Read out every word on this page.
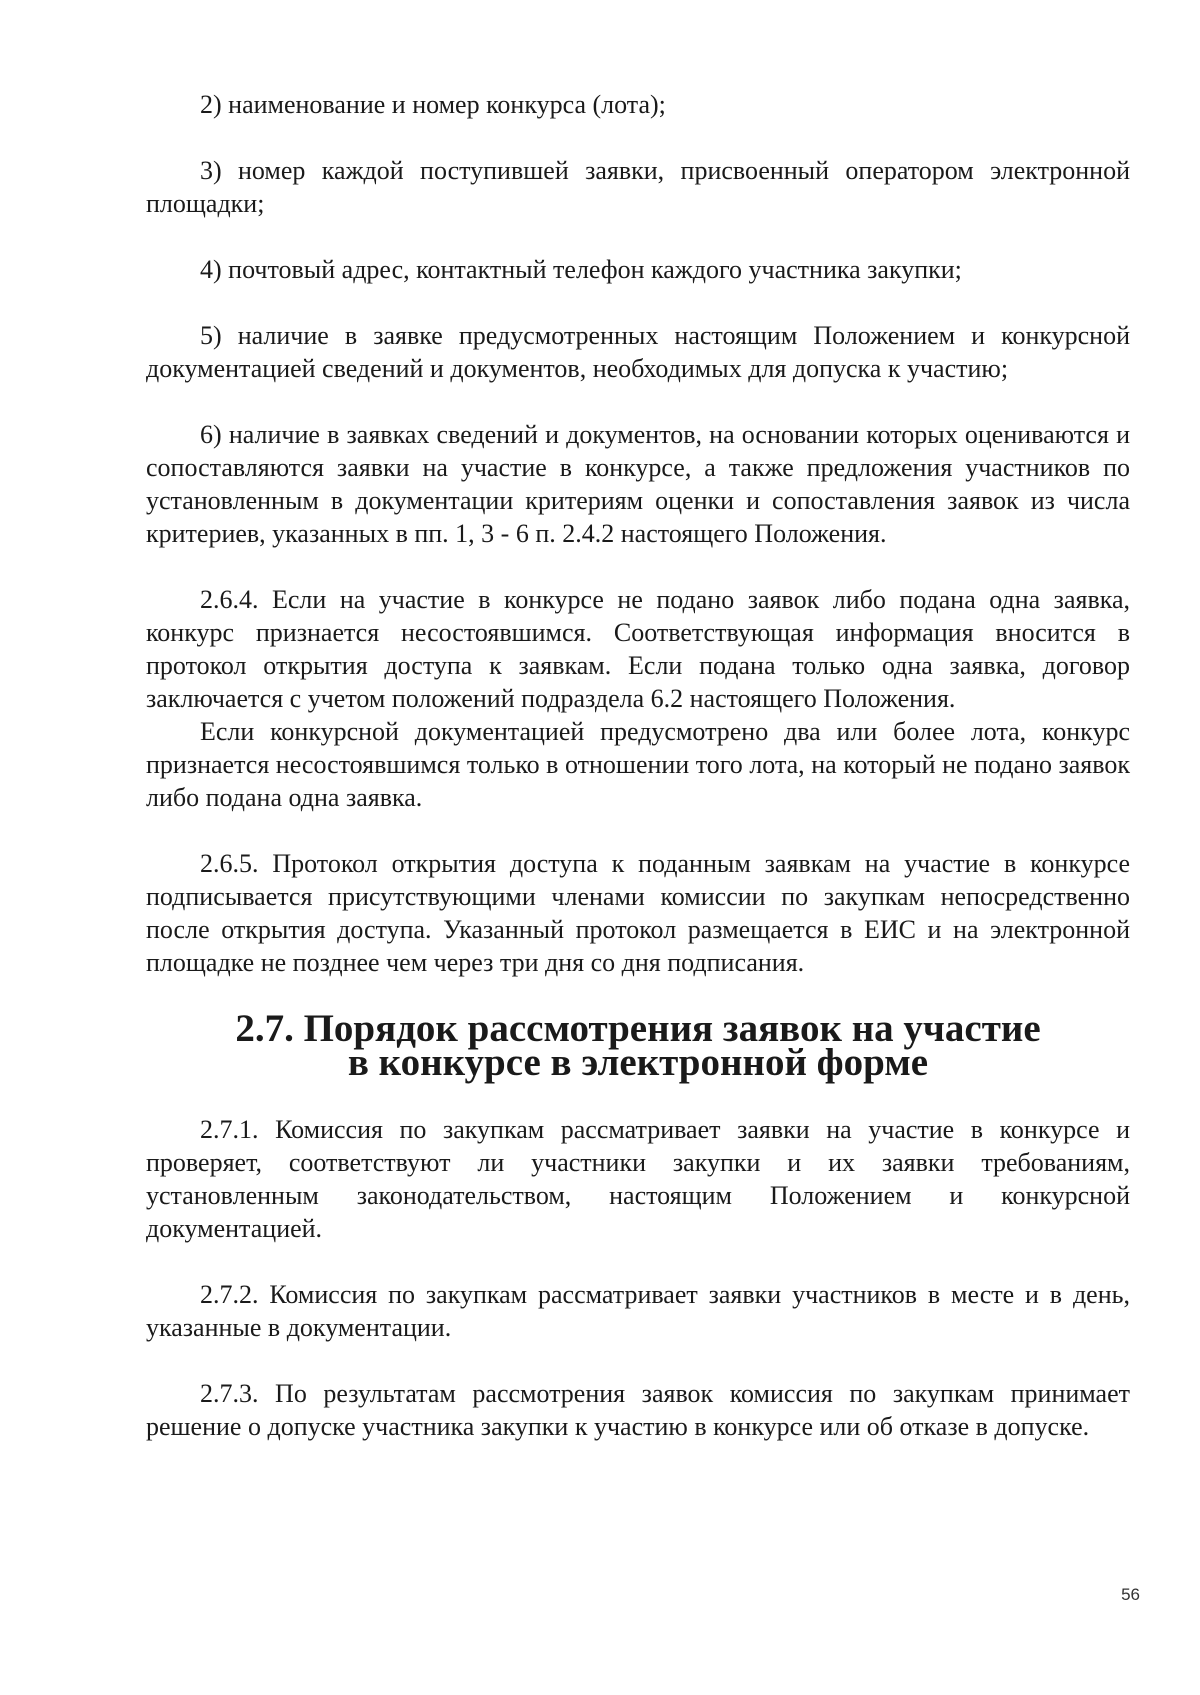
2) наименование и номер конкурса (лота);

3) номер каждой поступившей заявки, присвоенный оператором электронной площадки;

4) почтовый адрес, контактный телефон каждого участника закупки;

5) наличие в заявке предусмотренных настоящим Положением и конкурсной документацией сведений и документов, необходимых для допуска к участию;

6) наличие в заявках сведений и документов, на основании которых оцениваются и сопоставляются заявки на участие в конкурсе, а также предложения участников по установленным в документации критериям оценки и сопоставления заявок из числа критериев, указанных в пп. 1, 3 - 6 п. 2.4.2 настоящего Положения.

2.6.4. Если на участие в конкурсе не подано заявок либо подана одна заявка, конкурс признается несостоявшимся. Соответствующая информация вносится в протокол открытия доступа к заявкам. Если подана только одна заявка, договор заключается с учетом положений подраздела 6.2 настоящего Положения.

Если конкурсной документацией предусмотрено два или более лота, конкурс признается несостоявшимся только в отношении того лота, на который не подано заявок либо подана одна заявка.

2.6.5. Протокол открытия доступа к поданным заявкам на участие в конкурсе подписывается присутствующими членами комиссии по закупкам непосредственно после открытия доступа. Указанный протокол размещается в ЕИС и на электронной площадке не позднее чем через три дня со дня подписания.

2.7. Порядок рассмотрения заявок на участие
в конкурсе в электронной форме

2.7.1. Комиссия по закупкам рассматривает заявки на участие в конкурсе и проверяет, соответствуют ли участники закупки и их заявки требованиям, установленным законодательством, настоящим Положением и конкурсной документацией.

2.7.2. Комиссия по закупкам рассматривает заявки участников в месте и в день, указанные в документации.

2.7.3. По результатам рассмотрения заявок комиссия по закупкам принимает решение о допуске участника закупки к участию в конкурсе или об отказе в допуске.

56
